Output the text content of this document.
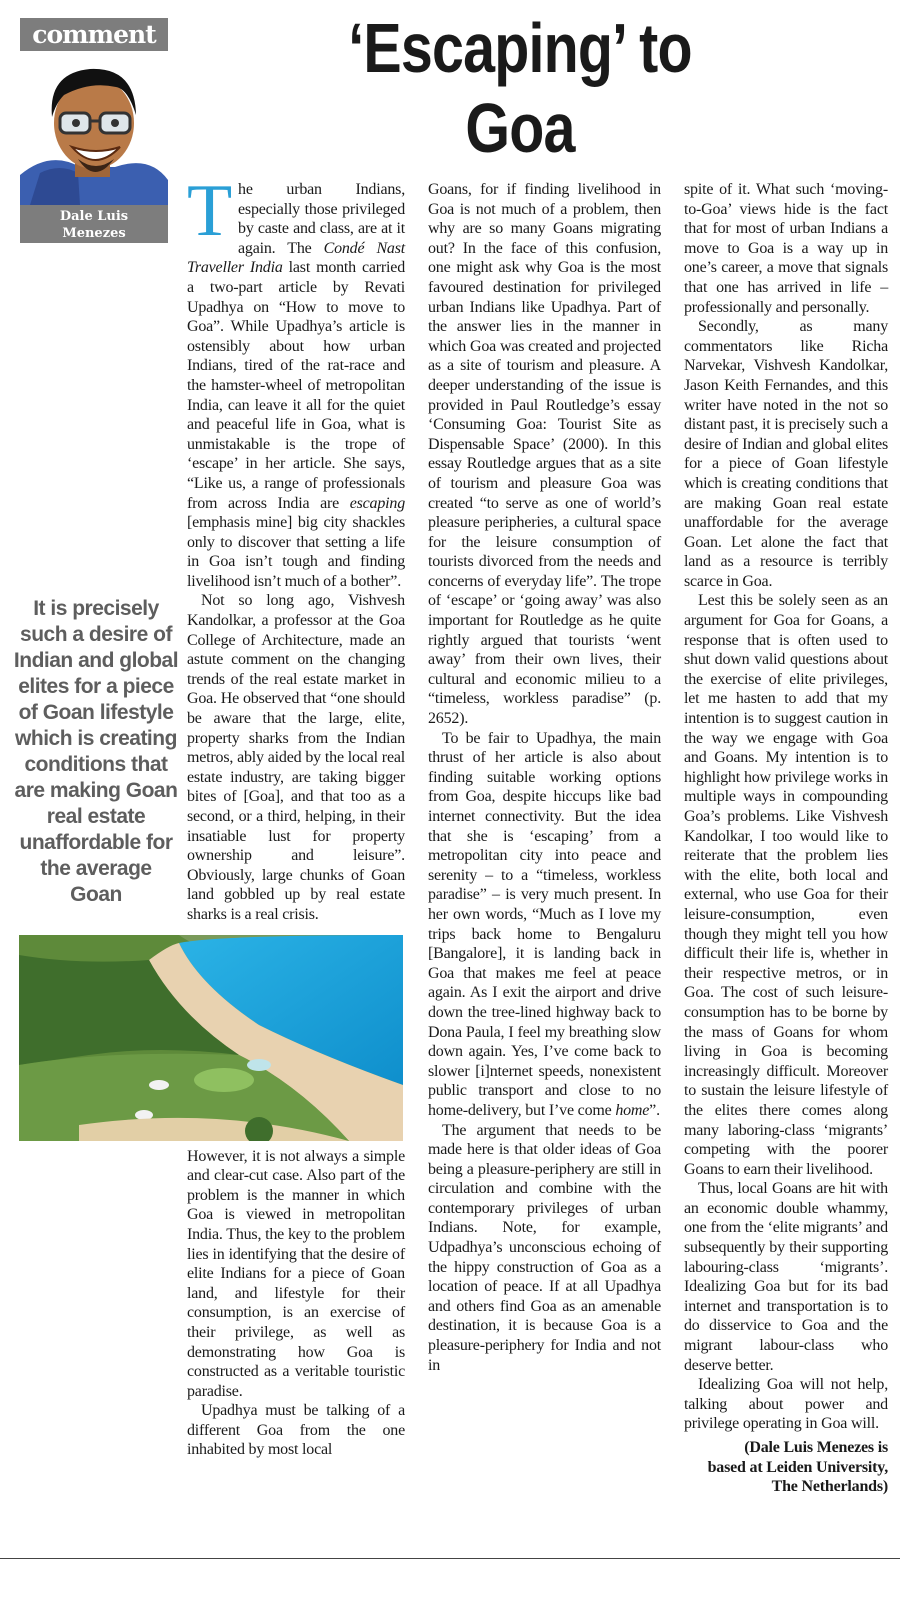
comment
Dale Luis
Menezes
‘Escaping’ to Goa
It is precisely such a desire of Indian and global elites for a piece of Goan lifestyle which is creating conditions that are making Goan real estate unaffordable for the average Goan

The urban Indians, especially those privileged by caste and class, are at it again. The Condé Nast Traveller India last month carried a two-part article by Revati Upadhya on “How to move to Goa”. While Upadhya’s article is ostensibly about how urban Indians, tired of the rat-race and the hamster-wheel of metropolitan India, can leave it all for the quiet and peaceful life in Goa, what is unmistakable is the trope of ‘escape’ in her article. She says, “Like us, a range of professionals from across India are escaping [emphasis mine] big city shackles only to discover that setting a life in Goa isn’t tough and finding livelihood isn’t much of a bother”.

Not so long ago, Vishvesh Kandolkar, a professor at the Goa College of Architecture, made an astute comment on the changing trends of the real estate market in Goa. He observed that “one should be aware that the large, elite, property sharks from the Indian metros, ably aided by the local real estate industry, are taking bigger bites of [Goa], and that too as a second, or a third, helping, in their insatiable lust for property ownership and leisure”. Obviously, large chunks of Goan land gobbled up by real estate sharks is a real crisis.

However, it is not always a simple and clear-cut case. Also part of the problem is the manner in which Goa is viewed in metropolitan India. Thus, the key to the problem lies in identifying that the desire of elite Indians for a piece of Goan land, and lifestyle for their consumption, is an exercise of their privilege, as well as demonstrating how Goa is constructed as a veritable touristic paradise.

Upadhya must be talking of a different Goa from the one inhabited by most local

Goans, for if finding livelihood in Goa is not much of a problem, then why are so many Goans migrating out? In the face of this confusion, one might ask why Goa is the most favoured destination for privileged urban Indians like Upadhya. Part of the answer lies in the manner in which Goa was created and projected as a site of tourism and pleasure. A deeper understanding of the issue is provided in Paul Routledge’s essay ‘Consuming Goa: Tourist Site as Dispensable Space’ (2000). In this essay Routledge argues that as a site of tourism and pleasure Goa was created “to serve as one of world’s pleasure peripheries, a cultural space for the leisure consumption of tourists divorced from the needs and concerns of everyday life”. The trope of ‘escape’ or ‘going away’ was also important for Routledge as he quite rightly argued that tourists ‘went away’ from their own lives, their cultural and economic milieu to a “timeless, workless paradise” (p. 2652).

To be fair to Upadhya, the main thrust of her article is also about finding suitable working options from Goa, despite hiccups like bad internet connectivity. But the idea that she is ‘escaping’ from a metropolitan city into peace and serenity – to a “timeless, workless paradise” – is very much present. In her own words, “Much as I love my trips back home to Bengaluru [Bangalore], it is landing back in Goa that makes me feel at peace again. As I exit the airport and drive down the tree-lined highway back to Dona Paula, I feel my breathing slow down again. Yes, I’ve come back to slower [i]nternet speeds, nonexistent public transport and close to no home-delivery, but I’ve come home”.

The argument that needs to be made here is that older ideas of Goa being a pleasure-periphery are still in circulation and combine with the contemporary privileges of urban Indians. Note, for example, Udpadhya’s unconscious echoing of the hippy construction of Goa as a location of peace. If at all Upadhya and others find Goa as an amenable destination, it is because Goa is a pleasure-periphery for India and not in

spite of it. What such ‘moving-to-Goa’ views hide is the fact that for most of urban Indians a move to Goa is a way up in one’s career, a move that signals that one has arrived in life – professionally and personally.

Secondly, as many commentators like Richa Narvekar, Vishvesh Kandolkar, Jason Keith Fernandes, and this writer have noted in the not so distant past, it is precisely such a desire of Indian and global elites for a piece of Goan lifestyle which is creating conditions that are making Goan real estate unaffordable for the average Goan. Let alone the fact that land as a resource is terribly scarce in Goa.

Lest this be solely seen as an argument for Goa for Goans, a response that is often used to shut down valid questions about the exercise of elite privileges, let me hasten to add that my intention is to suggest caution in the way we engage with Goa and Goans. My intention is to highlight how privilege works in multiple ways in compounding Goa’s problems. Like Vishvesh Kandolkar, I too would like to reiterate that the problem lies with the elite, both local and external, who use Goa for their leisure-consumption, even though they might tell you how difficult their life is, whether in their respective metros, or in Goa. The cost of such leisure-consumption has to be borne by the mass of Goans for whom living in Goa is becoming increasingly difficult. Moreover to sustain the leisure lifestyle of the elites there comes along many laboring-class ‘migrants’ competing with the poorer Goans to earn their livelihood.

Thus, local Goans are hit with an economic double whammy, one from the ‘elite migrants’ and subsequently by their supporting labouring-class ‘migrants’. Idealizing Goa but for its bad internet and transportation is to do disservice to Goa and the migrant labour-class who deserve better.

Idealizing Goa will not help, talking about power and privilege operating in Goa will.

(Dale Luis Menezes is
based at Leiden University,
The Netherlands)
